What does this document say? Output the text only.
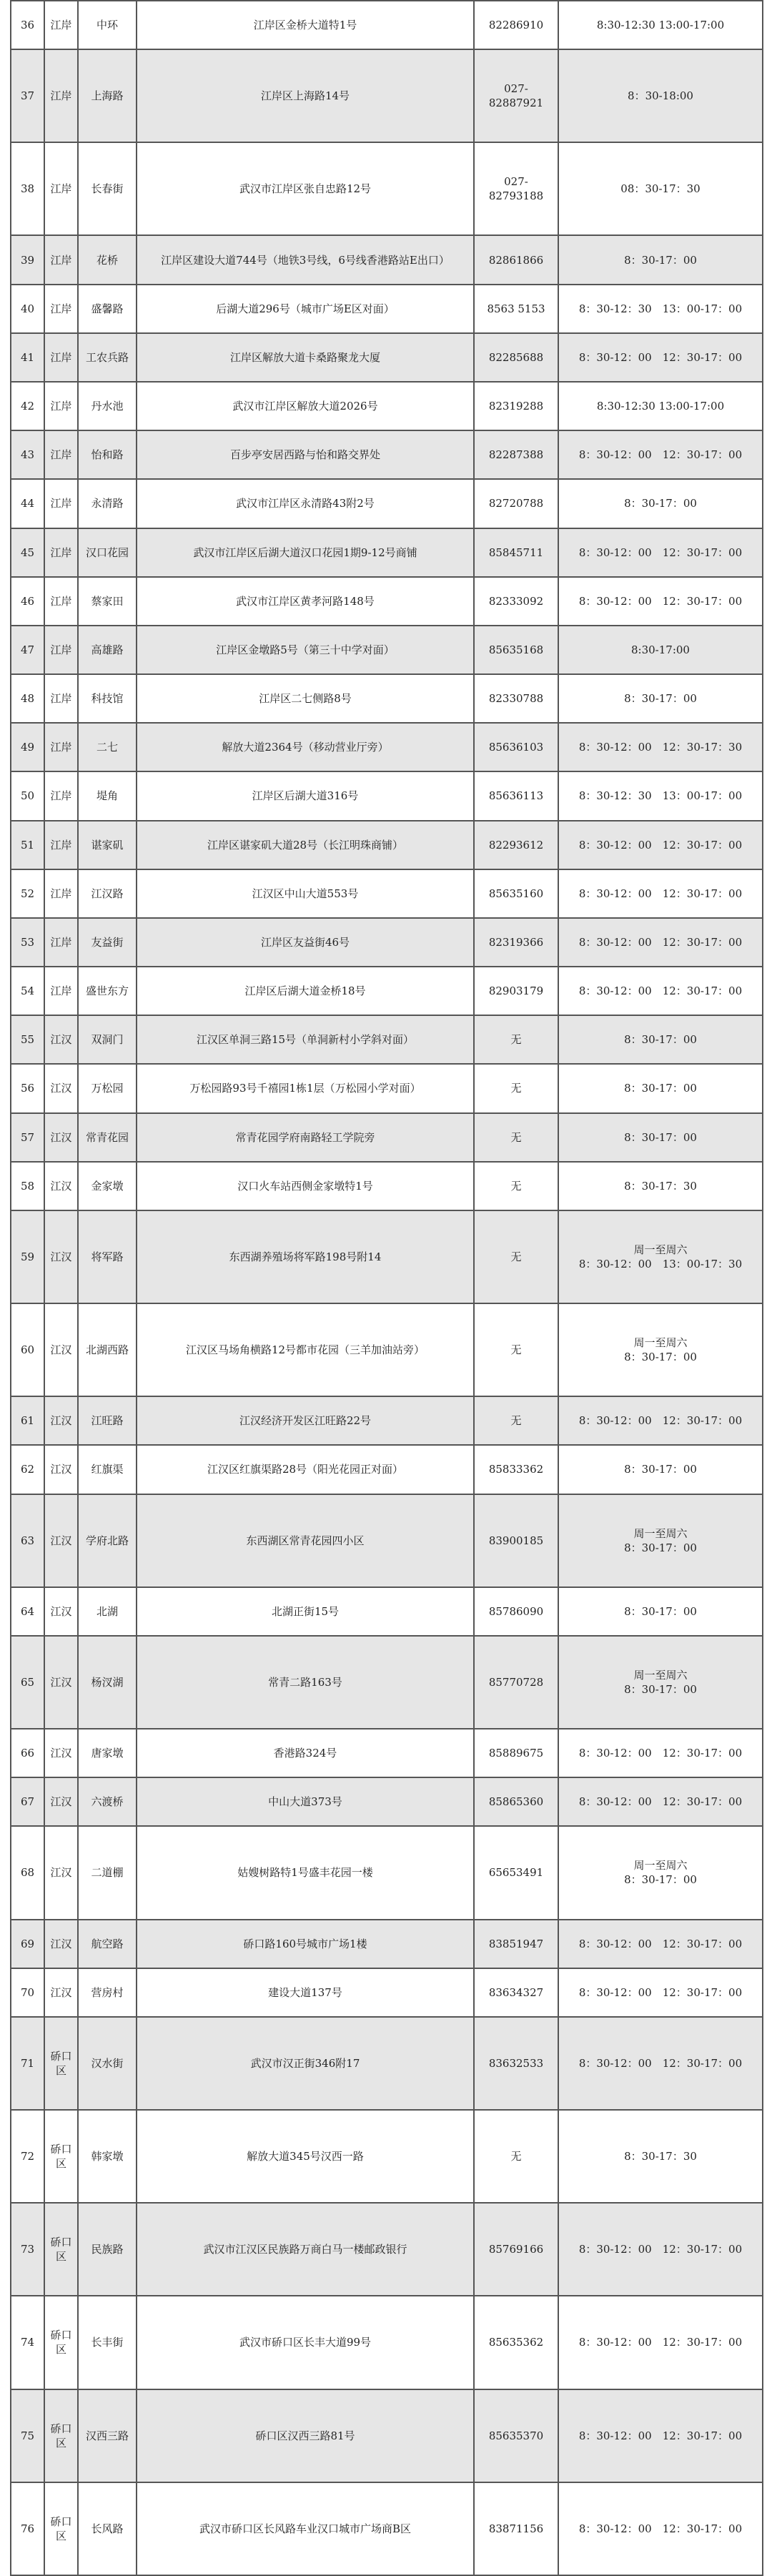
36	江岸	中环	江岸区金桥大道特1号	82286910	8:30-12:30 13:00-17:00
37	江岸	上海路	江岸区上海路14号	027-82887921	8：30-18:00
38	江岸	长春街	武汉市江岸区张自忠路12号	027-82793188	08：30-17：30
39	江岸	花桥	江岸区建设大道744号（地铁3号线，6号线香港路站E出口）	82861866	8：30-17：00
40	江岸	盛馨路	后湖大道296号（城市广场E区对面）	8563 5153	8：30-12：30　13：00-17：00
41	江岸	工农兵路	江岸区解放大道卡桑路聚龙大厦	82285688	8：30-12：00　12：30-17：00
42	江岸	丹水池	武汉市江岸区解放大道2026号	82319288	8:30-12:30 13:00-17:00
43	江岸	怡和路	百步亭安居西路与怡和路交界处	82287388	8：30-12：00　12：30-17：00
44	江岸	永清路	武汉市江岸区永清路43附2号	82720788	8：30-17：00
45	江岸	汉口花园	武汉市江岸区后湖大道汉口花园1期9-12号商铺	85845711	8：30-12：00　12：30-17：00
46	江岸	蔡家田	武汉市江岸区黄孝河路148号	82333092	8：30-12：00　12：30-17：00
47	江岸	高雄路	江岸区金墩路5号（第三十中学对面）	85635168	8:30-17:00
48	江岸	科技馆	江岸区二七侧路8号	82330788	8：30-17：00
49	江岸	二七	解放大道2364号（移动营业厅旁）	85636103	8：30-12：00　12：30-17：30
50	江岸	堤角	江岸区后湖大道316号	85636113	8：30-12：30　13：00-17：00
51	江岸	谌家矶	江岸区谌家矶大道28号（长江明珠商铺）	82293612	8：30-12：00　12：30-17：00
52	江岸	江汉路	江汉区中山大道553号	85635160	8：30-12：00　12：30-17：00
53	江岸	友益街	江岸区友益街46号	82319366	8：30-12：00　12：30-17：00
54	江岸	盛世东方	江岸区后湖大道金桥18号	82903179	8：30-12：00　12：30-17：00
55	江汉	双洞门	江汉区单洞三路15号（单洞新村小学斜对面）	无	8：30-17：00
56	江汉	万松园	万松园路93号千禧园1栋1层（万松园小学对面）	无	8：30-17：00
57	江汉	常青花园	常青花园学府南路轻工学院旁	无	8：30-17：00
58	江汉	金家墩	汉口火车站西侧金家墩特1号	无	8：30-17：30
59	江汉	将军路	东西湖养殖场将军路198号附14	无	周一至周六
8：30-12：00　13：00-17：30
60	江汉	北湖西路	江汉区马场角横路12号都市花园（三羊加油站旁）	无	周一至周六
8：30-17：00
61	江汉	江旺路	江汉经济开发区江旺路22号	无	8：30-12：00　12：30-17：00
62	江汉	红旗渠	江汉区红旗渠路28号（阳光花园正对面）	85833362	8：30-17：00
63	江汉	学府北路	东西湖区常青花园四小区	83900185	周一至周六
8：30-17：00
64	江汉	北湖	北湖正街15号	85786090	8：30-17：00
65	江汉	杨汊湖	常青二路163号	85770728	周一至周六
8：30-17：00
66	江汉	唐家墩	香港路324号	85889675	8：30-12：00　12：30-17：00
67	江汉	六渡桥	中山大道373号	85865360	8：30-12：00　12：30-17：00
68	江汉	二道棚	姑嫂树路特1号盛丰花园一楼	65653491	周一至周六
8：30-17：00
69	江汉	航空路	硚口路160号城市广场1楼	83851947	8：30-12：00　12：30-17：00
70	江汉	营房村	建设大道137号	83634327	8：30-12：00　12：30-17：00
71	硚口区	汉水街	武汉市汉正街346附17	83632533	8：30-12：00　12：30-17：00
72	硚口区	韩家墩	解放大道345号汉西一路	无	8：30-17：30
73	硚口区	民族路	武汉市江汉区民族路万商白马一楼邮政银行	85769166	8：30-12：00　12：30-17：00
74	硚口区	长丰街	武汉市硚口区长丰大道99号	85635362	8：30-12：00　12：30-17：00
75	硚口区	汉西三路	硚口区汉西三路81号	85635370	8：30-12：00　12：30-17：00
76	硚口区	长风路	武汉市硚口区长风路车业汉口城市广场商B区	83871156	8：30-12：00　12：30-17：00
